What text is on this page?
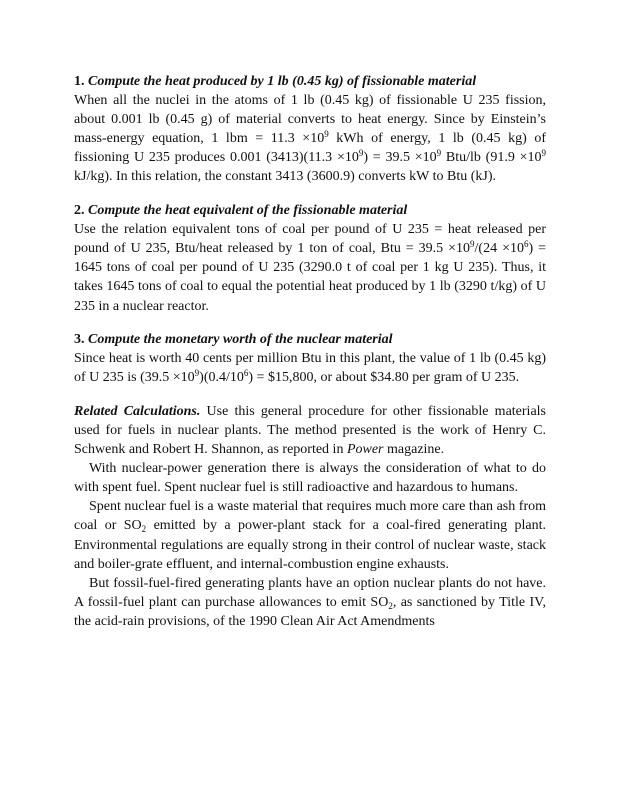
1. Compute the heat produced by 1 lb (0.45 kg) of fissionable material

When all the nuclei in the atoms of 1 lb (0.45 kg) of fissionable U 235 fission, about 0.001 lb (0.45 g) of material converts to heat energy. Since by Einstein’s mass-energy equation, 1 lbm = $11.3 \times 10^9$ kWh of energy, 1 lb (0.45 kg) of fissioning U 235 produces 0.001 $(3413)(11.3 \times 10^9) = 39.5 \times 10^9$ Btu/lb ($91.9 \times 10^9$ kJ/kg). In this relation, the constant 3413 (3600.9) converts kW to Btu (kJ).

2. Compute the heat equivalent of the fissionable material

Use the relation equivalent tons of coal per pound of U 235 = heat released per pound of U 235, Btu/heat released by 1 ton of coal, Btu = $39.5 \times 10^9/(24 \times 10^6) = 1645$ tons of coal per pound of U 235 (3290.0 t of coal per 1 kg U 235). Thus, it takes 1645 tons of coal to equal the potential heat produced by 1 lb (3290 t/kg) of U 235 in a nuclear reactor.

3. Compute the monetary worth of the nuclear material

Since heat is worth 40 cents per million Btu in this plant, the value of 1 lb (0.45 kg) of U 235 is $(39.5 \times 10^9)(0.4/10^6)$ = $15,800, or about $34.80 per gram of U 235.

Related Calculations. Use this general procedure for other fissionable materials used for fuels in nuclear plants. The method presented is the work of Henry C. Schwenk and Robert H. Shannon, as reported in Power magazine.

With nuclear-power generation there is always the consideration of what to do with spent fuel. Spent nuclear fuel is still radioactive and hazardous to humans.

Spent nuclear fuel is a waste material that requires much more care than ash from coal or $SO_2$ emitted by a power-plant stack for a coal-fired generating plant. Environmental regulations are equally strong in their control of nuclear waste, stack and boiler-grate effluent, and internal-combustion engine exhausts.

But fossil-fuel-fired generating plants have an option nuclear plants do not have. A fossil-fuel plant can purchase allowances to emit $SO_2$, as sanctioned by Title IV, the acid-rain provisions, of the 1990 Clean Air Act Amendments
